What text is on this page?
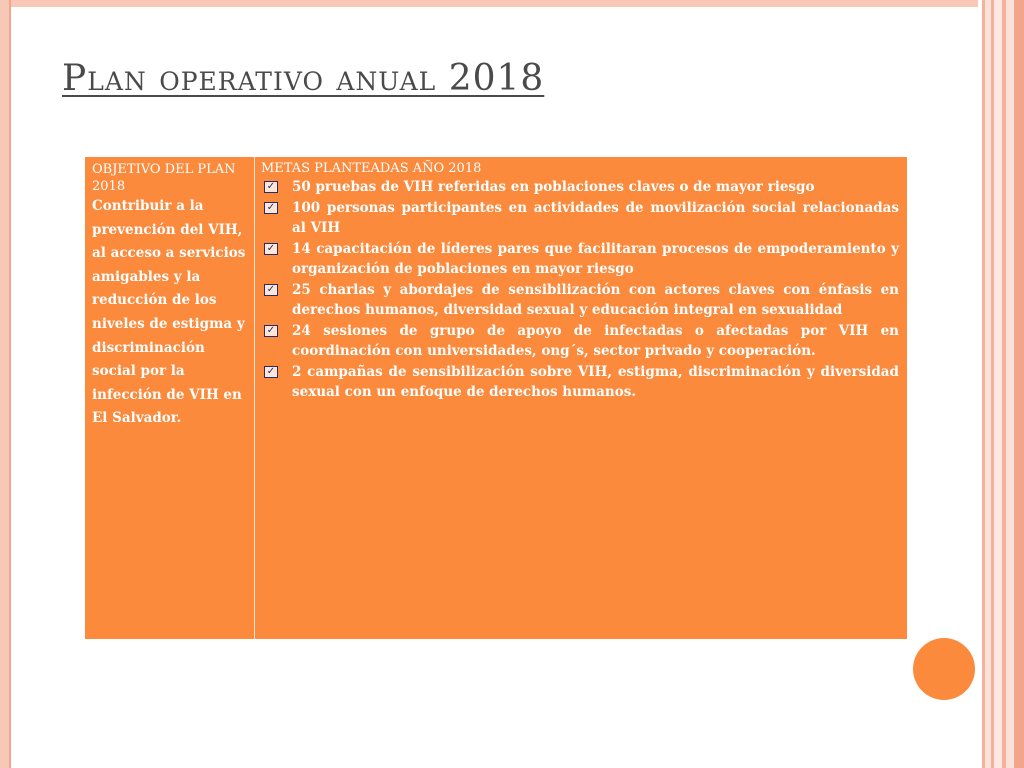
Plan operativo anual 2018
OBJETIVO DEL PLAN 2018
Contribuir a la prevención del VIH, al acceso a servicios amigables y la reducción de los niveles de estigma y discriminación social por la infección de VIH en El Salvador.
METAS PLANTEADAS AÑO 2018
✓ 50 pruebas de VIH referidas en poblaciones claves o de mayor riesgo
✓ 100 personas participantes en actividades de movilización social relacionadas al VIH
✓ 14 capacitación de líderes pares que facilitaran procesos de empoderamiento y organización de poblaciones en mayor riesgo
✓ 25 charlas y abordajes de sensibilización con actores claves con énfasis en derechos humanos, diversidad sexual y educación integral en sexualidad
✓ 24 sesiones de grupo de apoyo de infectadas o afectadas por VIH en coordinación con universidades, ong´s, sector privado y cooperación.
✓ 2 campañas de sensibilización sobre VIH, estigma, discriminación y diversidad sexual con un enfoque de derechos humanos.
